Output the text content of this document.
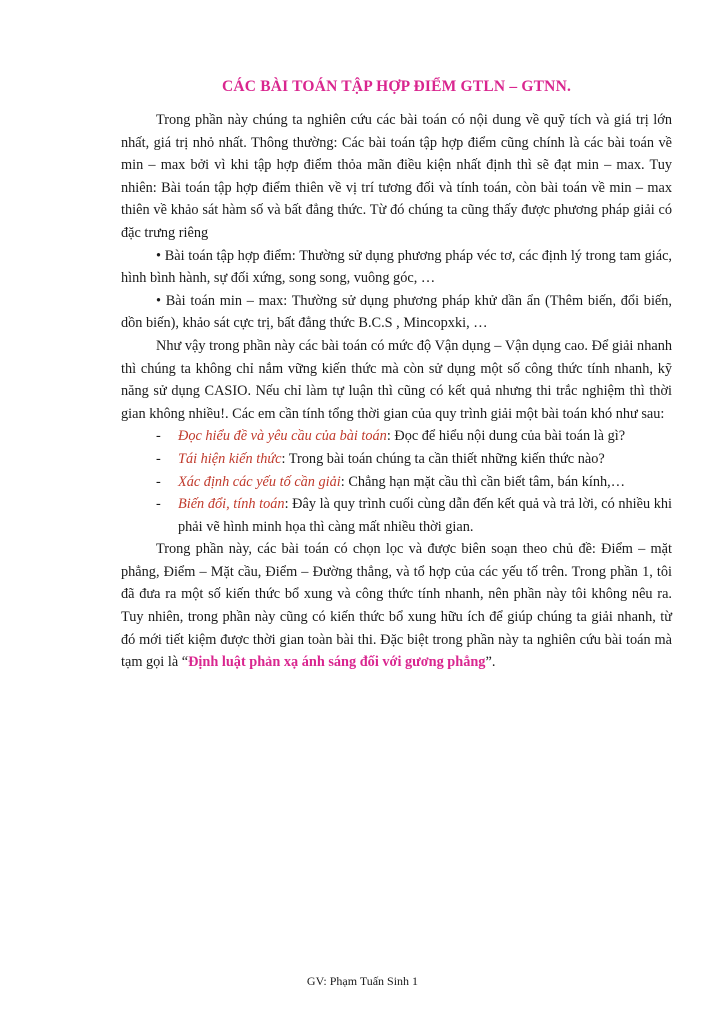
CÁC BÀI TOÁN TẬP HỢP ĐIỂM GTLN – GTNN.

Trong phần này chúng ta nghiên cứu các bài toán có nội dung về quỹ tích và giá trị lớn nhất, giá trị nhỏ nhất. Thông thường: Các bài toán tập hợp điểm cũng chính là các bài toán về min – max bởi vì khi tập hợp điểm thỏa mãn điều kiện nhất định thì sẽ đạt min – max. Tuy nhiên: Bài toán tập hợp điểm thiên về vị trí tương đối và tính toán, còn bài toán về min – max thiên về khảo sát hàm số và bất đẳng thức. Từ đó chúng ta cũng thấy được phương pháp giải có đặc trưng riêng

• Bài toán tập hợp điểm: Thường sử dụng phương pháp véc tơ, các định lý trong tam giác, hình bình hành, sự đối xứng, song song, vuông góc, …

• Bài toán min – max: Thường sử dụng phương pháp khử dần ẩn (Thêm biến, đổi biến, dồn biến), khảo sát cực trị, bất đẳng thức B.C.S , Mincopxki, …

Như vậy trong phần này các bài toán có mức độ Vận dụng – Vận dụng cao. Để giải nhanh thì chúng ta không chỉ nắm vững kiến thức mà còn sử dụng một số công thức tính nhanh, kỹ năng sử dụng CASIO. Nếu chỉ làm tự luận thì cũng có kết quả nhưng thi trắc nghiệm thì thời gian không nhiều!. Các em cần tính tổng thời gian của quy trình giải một bài toán khó như sau:

- Đọc hiểu đề và yêu cầu của bài toán: Đọc để hiểu nội dung của bài toán là gì?
- Tái hiện kiến thức: Trong bài toán chúng ta cần thiết những kiến thức nào?
- Xác định các yếu tố cần giải: Chẳng hạn mặt cầu thì cần biết tâm, bán kính,…
- Biến đổi, tính toán: Đây là quy trình cuối cùng dẫn đến kết quả và trả lời, có nhiều khi phải vẽ hình minh họa thì càng mất nhiều thời gian.

Trong phần này, các bài toán có chọn lọc và được biên soạn theo chủ đề: Điểm – mặt phẳng, Điểm – Mặt cầu, Điểm – Đường thẳng, và tổ hợp của các yếu tố trên. Trong phần 1, tôi đã đưa ra một số kiến thức bổ xung và công thức tính nhanh, nên phần này tôi không nêu ra. Tuy nhiên, trong phần này cũng có kiến thức bổ xung hữu ích để giúp chúng ta giải nhanh, từ đó mới tiết kiệm được thời gian toàn bài thi. Đặc biệt trong phần này ta nghiên cứu bài toán mà tạm gọi là “Định luật phản xạ ánh sáng đối với gương phẳng”.

GV: Phạm Tuấn Sinh 1
